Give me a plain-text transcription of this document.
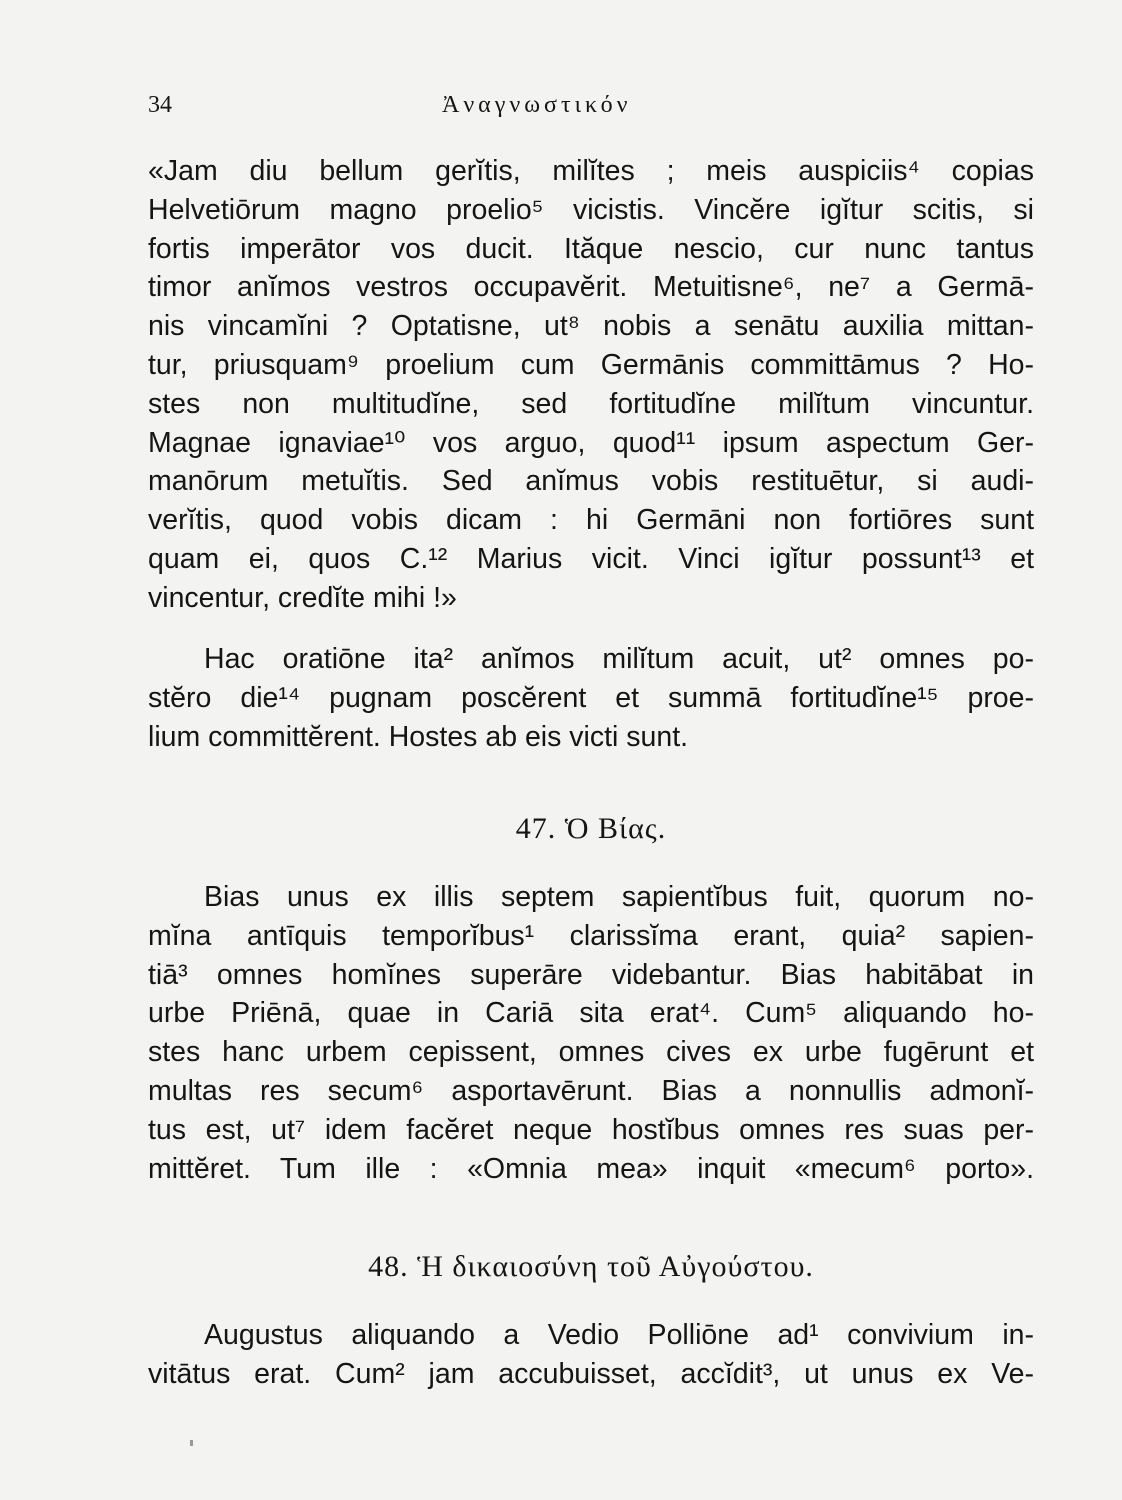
34	Ἀναγνωστικόν
«Jam diu bellum gerĭtis, milĭtes ; meis auspiciis⁴ copias
Helvetiōrum magno proelio⁵ vicistis. Vincĕre igĭtur scitis, si
fortis imperātor vos ducit. Ităque nescio, cur nunc tantus
timor anĭmos vestros occupavĕrit. Metuitisne⁶, ne⁷ a Germā-
nis vincamĭni ? Optatisne, ut⁸ nobis a senātu auxilia mittan-
tur, priusquam⁹ proelium cum Germānis committāmus ? Ho-
stes non multitudĭne, sed fortitudĭne milĭtum vincuntur.
Magnae ignaviae¹⁰ vos arguo, quod¹¹ ipsum aspectum Ger-
manōrum metuĭtis. Sed anĭmus vobis restituētur, si audi-
verĭtis, quod vobis dicam : hi Germāni non fortiōres sunt
quam ei, quos C.¹² Marius vicit. Vinci igĭtur possunt¹³ et
vincentur, credĭte mihi !»
Hac oratiōne ita² anĭmos milĭtum acuit, ut² omnes po-
stĕro die¹⁴ pugnam poscĕrent et summā fortitudĭne¹⁵ proe-
lium committĕrent. Hostes ab eis victi sunt.
47. Ὁ Βίας.
Bias unus ex illis septem sapientĭbus fuit, quorum no-
mĭna antīquis temporĭbus¹ clarissĭma erant, quia² sapien-
tiā³ omnes homĭnes superāre videbantur. Bias habitābat in
urbe Priēnā, quae in Cariā sita erat⁴. Cum⁵ aliquando ho-
stes hanc urbem cepissent, omnes cives ex urbe fugērunt et
multas res secum⁶ asportavērunt. Bias a nonnullis admonĭ-
tus est, ut⁷ idem facĕret neque hostĭbus omnes res suas per-
mittĕret. Tum ille : «Omnia mea» inquit «mecum⁶ porto».
48. Ἡ δικαιοσύνη τοῦ Αὐγούστου.
Augustus aliquando a Vedio Polliōne ad¹ convivium in-
vitātus erat. Cum² jam accubuisset, accĭdit³, ut unus ex Ve-
